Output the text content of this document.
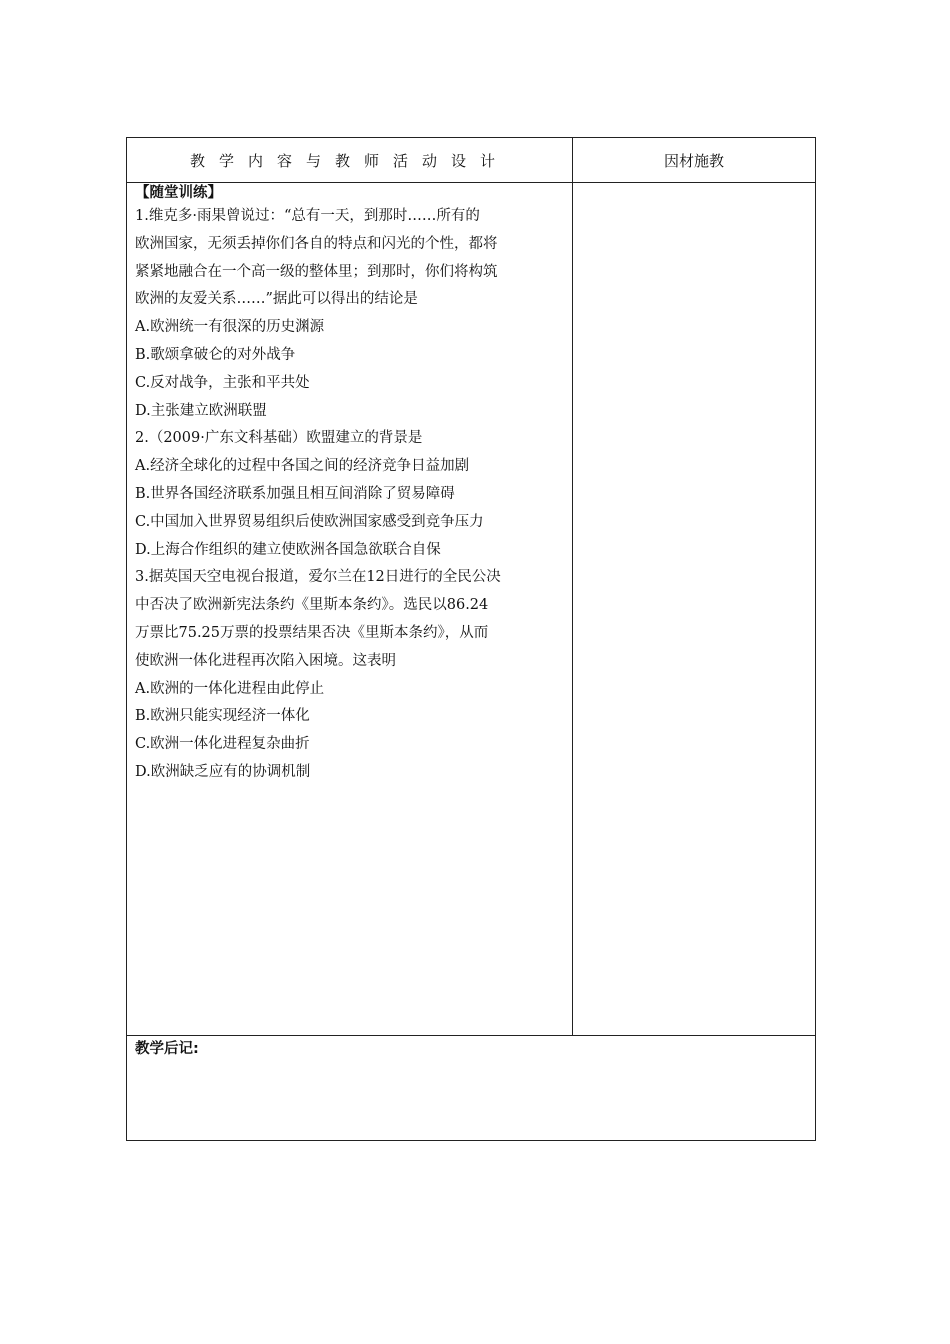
教学内容与教师活动设计	因材施教
【随堂训练】
1.维克多·雨果曾说过：“总有一天，到那时……所有的
欧洲国家，无须丢掉你们各自的特点和闪光的个性，都将
紧紧地融合在一个高一级的整体里；到那时，你们将构筑
欧洲的友爱关系……”据此可以得出的结论是
A.欧洲统一有很深的历史渊源
B.歌颂拿破仑的对外战争
C.反对战争，主张和平共处
D.主张建立欧洲联盟
2.（2009·广东文科基础）欧盟建立的背景是
A.经济全球化的过程中各国之间的经济竞争日益加剧
B.世界各国经济联系加强且相互间消除了贸易障碍
C.中国加入世界贸易组织后使欧洲国家感受到竞争压力
D.上海合作组织的建立使欧洲各国急欲联合自保
3.据英国天空电视台报道，爱尔兰在12日进行的全民公决
中否决了欧洲新宪法条约《里斯本条约》。选民以86.24
万票比75.25万票的投票结果否决《里斯本条约》，从而
使欧洲一体化进程再次陷入困境。这表明
A.欧洲的一体化进程由此停止
B.欧洲只能实现经济一体化
C.欧洲一体化进程复杂曲折
D.欧洲缺乏应有的协调机制
教学后记:
